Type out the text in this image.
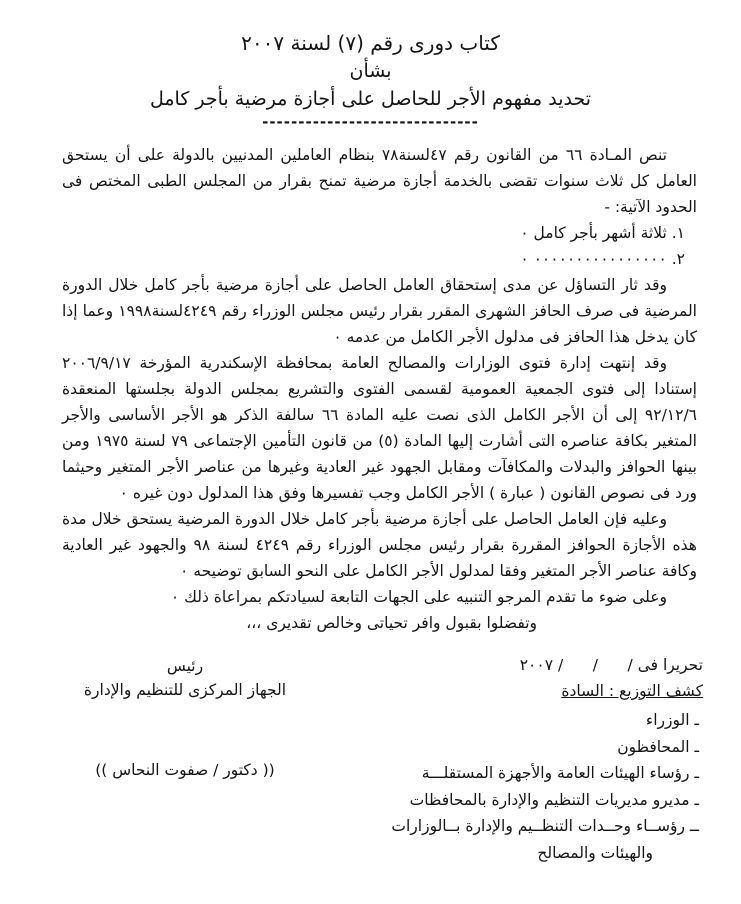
كتاب دورى رقم (٧) لسنة ٢٠٠٧
بشأن
تحديد مفهوم الأجر للحاصل على أجازة مرضية بأجر كامل
------------------------------

تنص المـادة ٦٦ من القانون رقم ٤٧لسنة٧٨ بنظام العاملين المدنيين بالدولة على أن يستحق العامل كل ثلاث سنوات تقضى بالخدمة أجازة مرضية تمنح بقرار من المجلس الطبى المختص فى الحدود الآتية: -

١. ثلاثة أشهر بأجر كامل ٠
٢. ٠٠٠٠٠٠٠٠٠٠٠٠٠٠٠٠ ٠

وقد ثار التساؤل عن مدى إستحقاق العامل الحاصل على أجازة مرضية بأجر كامل خلال الدورة المرضية فى صرف الحافز الشهرى المقرر بقرار رئيس مجلس الوزراء رقم ٤٢٤٩لسنة١٩٩٨ وعما إذا كان يدخل هذا الحافز فى مدلول الأجر الكامل من عدمه ٠

وقد إنتهت إدارة فتوى الوزارات والمصالح العامة بمحافظة الإسكندرية المؤرخة ٢٠٠٦/٩/١٧ إستنادا إلى فتوى الجمعية العمومية لقسمى الفتوى والتشريع بمجلس الدولة بجلستها المنعقدة ٩٢/١٢/٦ إلى أن الأجر الكامل الذى نصت عليه المادة ٦٦ سالفة الذكر هو الأجر الأساسى والأجر المتغير بكافة عناصره التى أشارت إليها المادة (٥) من قانون التأمين الإجتماعى ٧٩ لسنة ١٩٧٥ ومن بينها الحوافز والبدلات والمكافآت ومقابل الجهود غير العادية وغيرها من عناصر الأجر المتغير وحيثما ورد فى نصوص القانون ( عبارة ) الأجر الكامل وجب تفسيرها وفق هذا المدلول دون غيره ٠

وعليه فإن العامل الحاصل على أجازة مرضية بأجر كامل خلال الدورة المرضية يستحق خلال مدة هذه الأجازة الحوافز المقررة بقرار رئيس مجلس الوزراء رقم ٤٢٤٩ لسنة ٩٨ والجهود غير العادية وكافة عناصر الأجر المتغير وفقا لمدلول الأجر الكامل على النحو السابق توضيحه ٠

وعلى ضوء ما تقدم المرجو التنبيه على الجهات التابعة لسيادتكم بمراعاة ذلك ٠

وتفضلوا بقبول وافر تحياتى وخالص تقديرى ،،،

تحريرا فى /      /      / ٢٠٠٧
كشف التوزيع : السادة
ـ الوزراء
ـ المحافظون
ـ رؤساء الهيئات العامة والأجهزة المستقلـــة
ـ مديرو مديريات التنظيم والإدارة بالمحافظات
ــ رؤســاء وحــدات التنظــيم والإدارة بــالوزارات
والهيئات والمصالح
رئيس
الجهاز المركزى للتنظيم والإدارة
(( دكتور / صفوت النحاس ))
